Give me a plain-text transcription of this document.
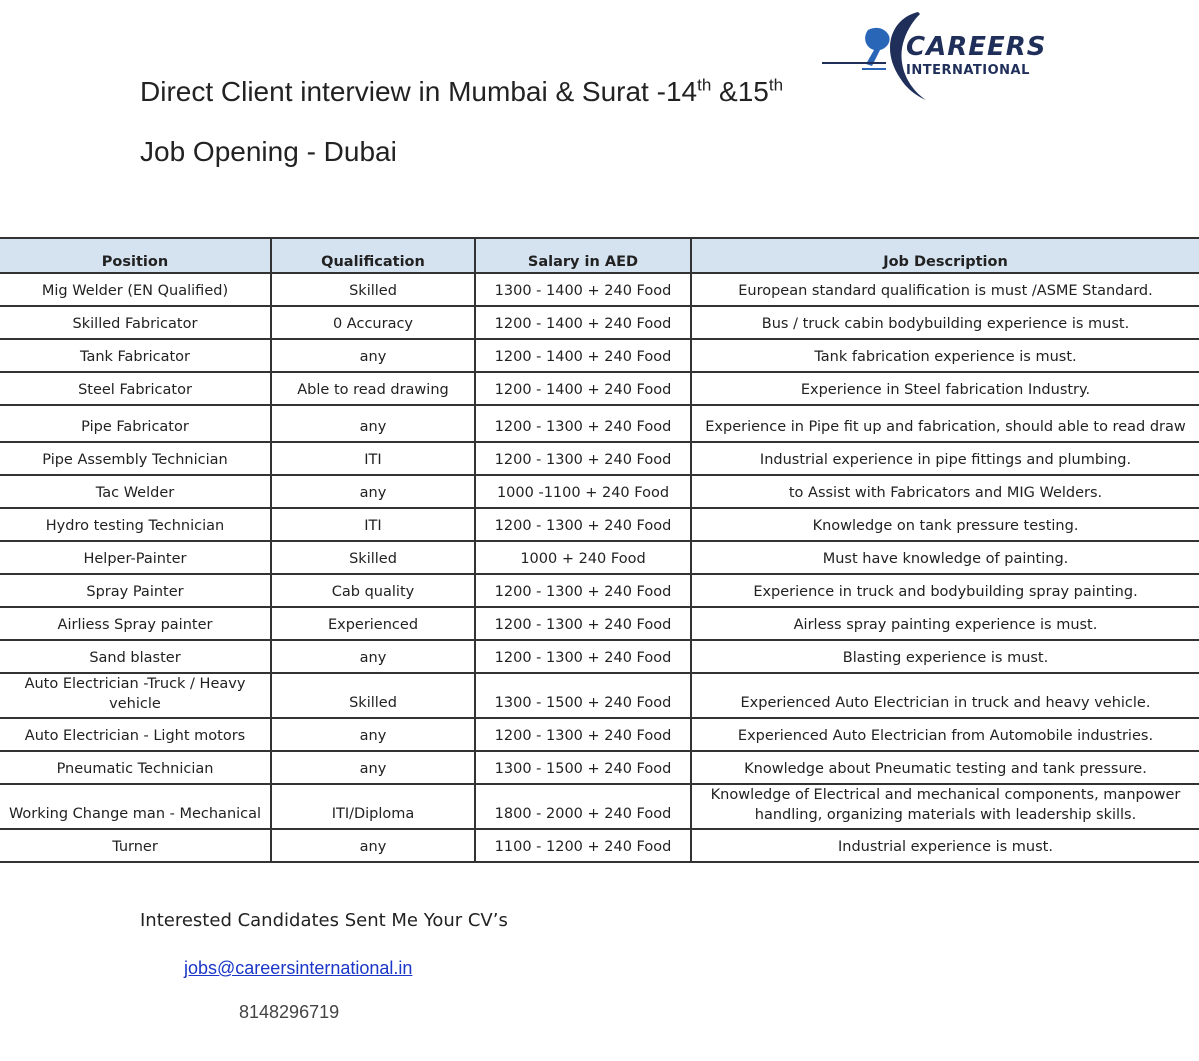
CAREERS
INTERNATIONAL
Direct Client interview in Mumbai & Surat -14th &15th
Job Opening - Dubai
Position	Qualification	Salary in AED	Job Description
Mig Welder (EN Qualified)	Skilled	1300 - 1400 + 240 Food	European standard qualification is must /ASME Standard.
Skilled Fabricator	0 Accuracy	1200 - 1400 + 240 Food	Bus / truck cabin bodybuilding experience is must.
Tank Fabricator	any	1200 - 1400 + 240 Food	Tank fabrication experience is must.
Steel Fabricator	Able to read drawing	1200 - 1400 + 240 Food	Experience in Steel fabrication Industry.
Pipe Fabricator	any	1200 - 1300 + 240 Food	Experience in Pipe fit up and fabrication, should able to read draw
Pipe Assembly Technician	ITI	1200 - 1300 + 240 Food	Industrial experience in pipe fittings and plumbing.
Tac Welder	any	1000 -1100 + 240 Food	to Assist with Fabricators and MIG Welders.
Hydro testing Technician	ITI	1200 - 1300 + 240 Food	Knowledge on tank pressure testing.
Helper-Painter	Skilled	1000 + 240 Food	Must have knowledge of painting.
Spray Painter	Cab quality	1200 - 1300 + 240 Food	Experience in truck and bodybuilding spray painting.
Airliess Spray painter	Experienced	1200 - 1300 + 240 Food	Airless spray painting experience is must.
Sand blaster	any	1200 - 1300 + 240 Food	Blasting experience is must.
Auto Electrician -Truck / Heavy vehicle	Skilled	1300 - 1500 + 240 Food	Experienced Auto Electrician in truck and heavy vehicle.
Auto Electrician - Light motors	any	1200 - 1300 + 240 Food	Experienced Auto Electrician from Automobile industries.
Pneumatic Technician	any	1300 - 1500 + 240 Food	Knowledge about Pneumatic testing and tank pressure.
Working Change man - Mechanical	ITI/Diploma	1800 - 2000 + 240 Food	Knowledge of Electrical and mechanical components, manpower handling, organizing materials with leadership skills.
Turner	any	1100 - 1200 + 240 Food	Industrial experience is must.
Interested Candidates Sent Me Your CV’s
jobs@careersinternational.in
8148296719
